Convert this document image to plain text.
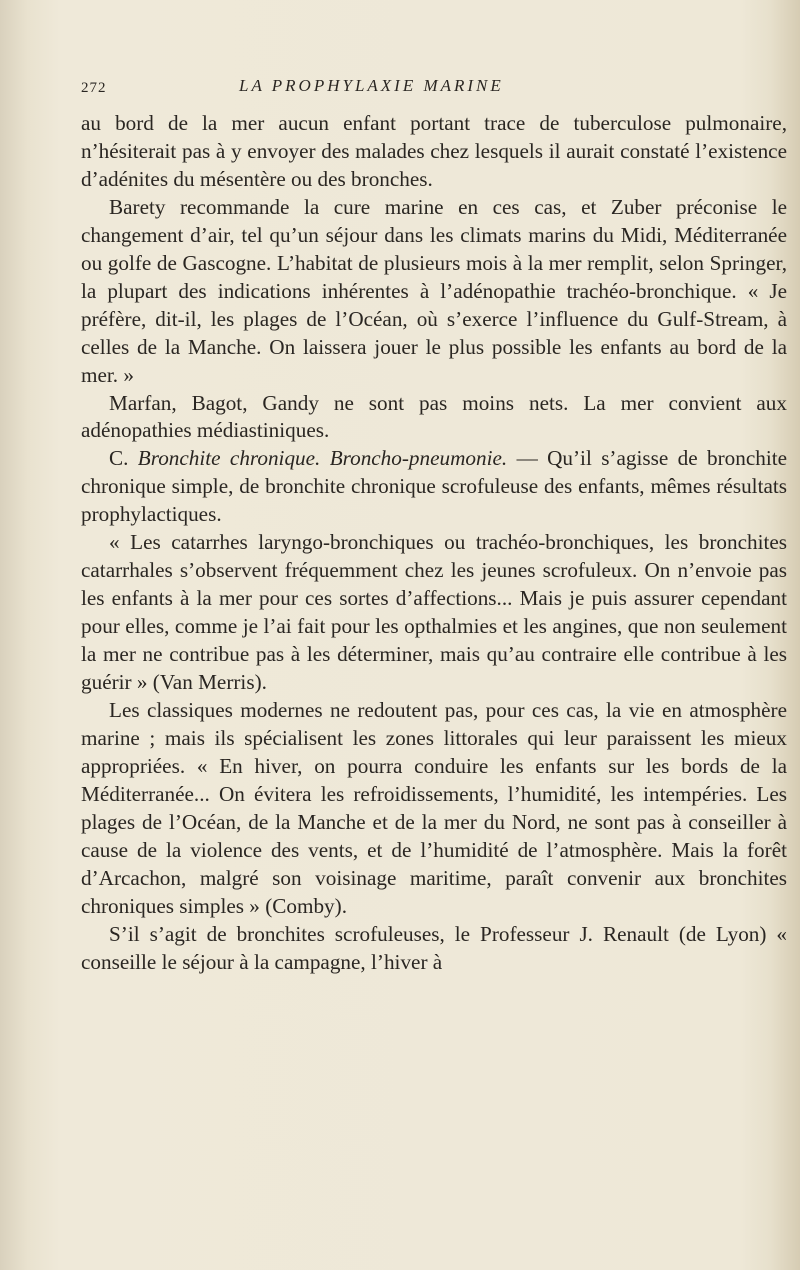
272	LA PROPHYLAXIE MARINE

au bord de la mer aucun enfant portant trace de tuberculose pulmonaire, n’hésiterait pas à y envoyer des malades chez lesquels il aurait constaté l’existence d’adénites du mésentère ou des bronches.

Barety recommande la cure marine en ces cas, et Zuber préconise le changement d’air, tel qu’un séjour dans les climats marins du Midi, Méditerranée ou golfe de Gascogne. L’habitat de plusieurs mois à la mer remplit, selon Springer, la plupart des indications inhérentes à l’adénopathie trachéo-bronchique. « Je préfère, dit-il, les plages de l’Océan, où s’exerce l’influence du Gulf-Stream, à celles de la Manche. On laissera jouer le plus possible les enfants au bord de la mer. »

Marfan, Bagot, Gandy ne sont pas moins nets. La mer convient aux adénopathies médiastiniques.

C. Bronchite chronique. Broncho-pneumonie. — Qu’il s’agisse de bronchite chronique simple, de bronchite chronique scrofuleuse des enfants, mêmes résultats prophylactiques.

« Les catarrhes laryngo-bronchiques ou trachéo-bronchiques, les bronchites catarrhales s’observent fréquemment chez les jeunes scrofuleux. On n’envoie pas les enfants à la mer pour ces sortes d’affections... Mais je puis assurer cependant pour elles, comme je l’ai fait pour les opthalmies et les angines, que non seulement la mer ne contribue pas à les déterminer, mais qu’au contraire elle contribue à les guérir » (Van Merris).

Les classiques modernes ne redoutent pas, pour ces cas, la vie en atmosphère marine ; mais ils spécialisent les zones littorales qui leur paraissent les mieux appropriées. « En hiver, on pourra conduire les enfants sur les bords de la Méditerranée... On évitera les refroidissements, l’humidité, les intempéries. Les plages de l’Océan, de la Manche et de la mer du Nord, ne sont pas à conseiller à cause de la violence des vents, et de l’humidité de l’atmosphère. Mais la forêt d’Arcachon, malgré son voisinage maritime, paraît convenir aux bronchites chroniques simples » (Comby).

S’il s’agit de bronchites scrofuleuses, le Professeur J. Renault (de Lyon) « conseille le séjour à la campagne, l’hiver à
